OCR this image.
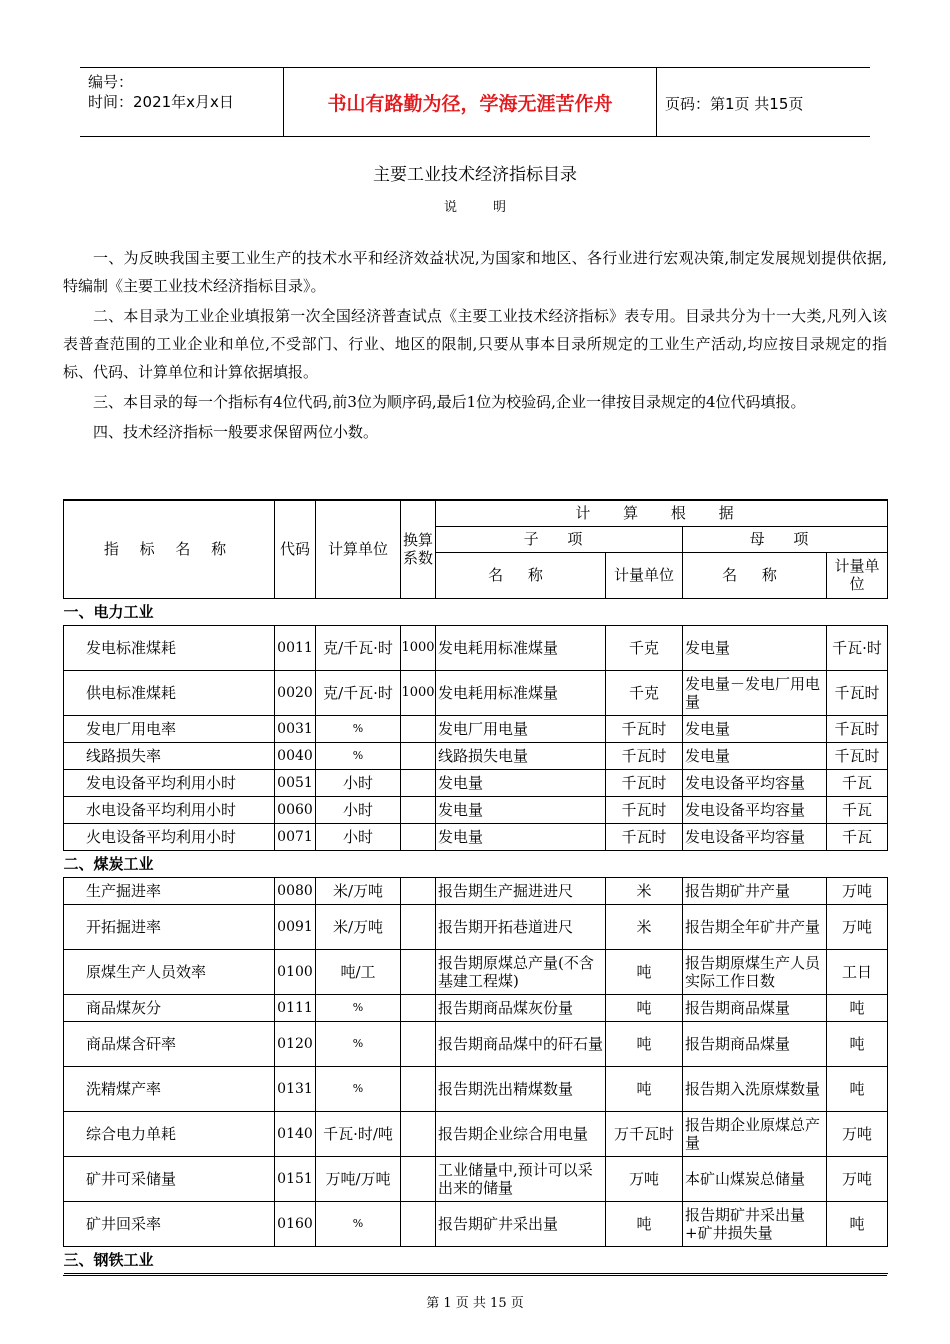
编号：
时间：2021年x月x日	书山有路勤为径，学海无涯苦作舟	页码：第1页 共15页
主要工业技术经济指标目录
说明

一、为反映我国主要工业生产的技术水平和经济效益状况,为国家和地区、各行业进行宏观决策,制定发展规划提供依据,特编制《主要工业技术经济指标目录》。

二、本目录为工业企业填报第一次全国经济普查试点《主要工业技术经济指标》表专用。目录共分为十一大类,凡列入该表普查范围的工业企业和单位,不受部门、行业、地区的限制,只要从事本目录所规定的工业生产活动,均应按目录规定的指标、代码、计算单位和计算依据填报。

三、本目录的每一个指标有4位代码,前3位为顺序码,最后1位为校验码,企业一律按目录规定的4位代码填报。

四、技术经济指标一般要求保留两位小数。

指 标 名 称	代码	计算单位	换算系数	计 算 根 据			
				子 项		母 项	
				名 称	计量单位	名 称	计量单位
一、电力工业							
发电标准煤耗	0011	克/千瓦·时	1000	发电耗用标准煤量	千克	发电量	千瓦·时
供电标准煤耗	0020	克/千瓦·时	1000	发电耗用标准煤量	千克	发电量－发电厂用电量	千瓦时
发电厂用电率	0031	%		发电厂用电量	千瓦时	发电量	千瓦时
线路损失率	0040	%		线路损失电量	千瓦时	发电量	千瓦时
发电设备平均利用小时	0051	小时		发电量	千瓦时	发电设备平均容量	千瓦
水电设备平均利用小时	0060	小时		发电量	千瓦时	发电设备平均容量	千瓦
火电设备平均利用小时	0071	小时		发电量	千瓦时	发电设备平均容量	千瓦
二、煤炭工业							
生产掘进率	0080	米/万吨		报告期生产掘进进尺	米	报告期矿井产量	万吨
开拓掘进率	0091	米/万吨		报告期开拓巷道进尺	米	报告期全年矿井产量	万吨
原煤生产人员效率	0100	吨/工		报告期原煤总产量(不含基建工程煤)	吨	报告期原煤生产人员实际工作日数	工日
商品煤灰分	0111	%		报告期商品煤灰份量	吨	报告期商品煤量	吨
商品煤含矸率	0120	%		报告期商品煤中的矸石量	吨	报告期商品煤量	吨
洗精煤产率	0131	%		报告期洗出精煤数量	吨	报告期入洗原煤数量	吨
综合电力单耗	0140	千瓦·时/吨		报告期企业综合用电量	万千瓦时	报告期企业原煤总产量	万吨
矿井可采储量	0151	万吨/万吨		工业储量中,预计可以采出来的储量	万吨	本矿山煤炭总储量	万吨
矿井回采率	0160	%		报告期矿井采出量	吨	报告期矿井采出量+矿井损失量	吨
三、钢铁工业							
第 1 页 共 15 页
